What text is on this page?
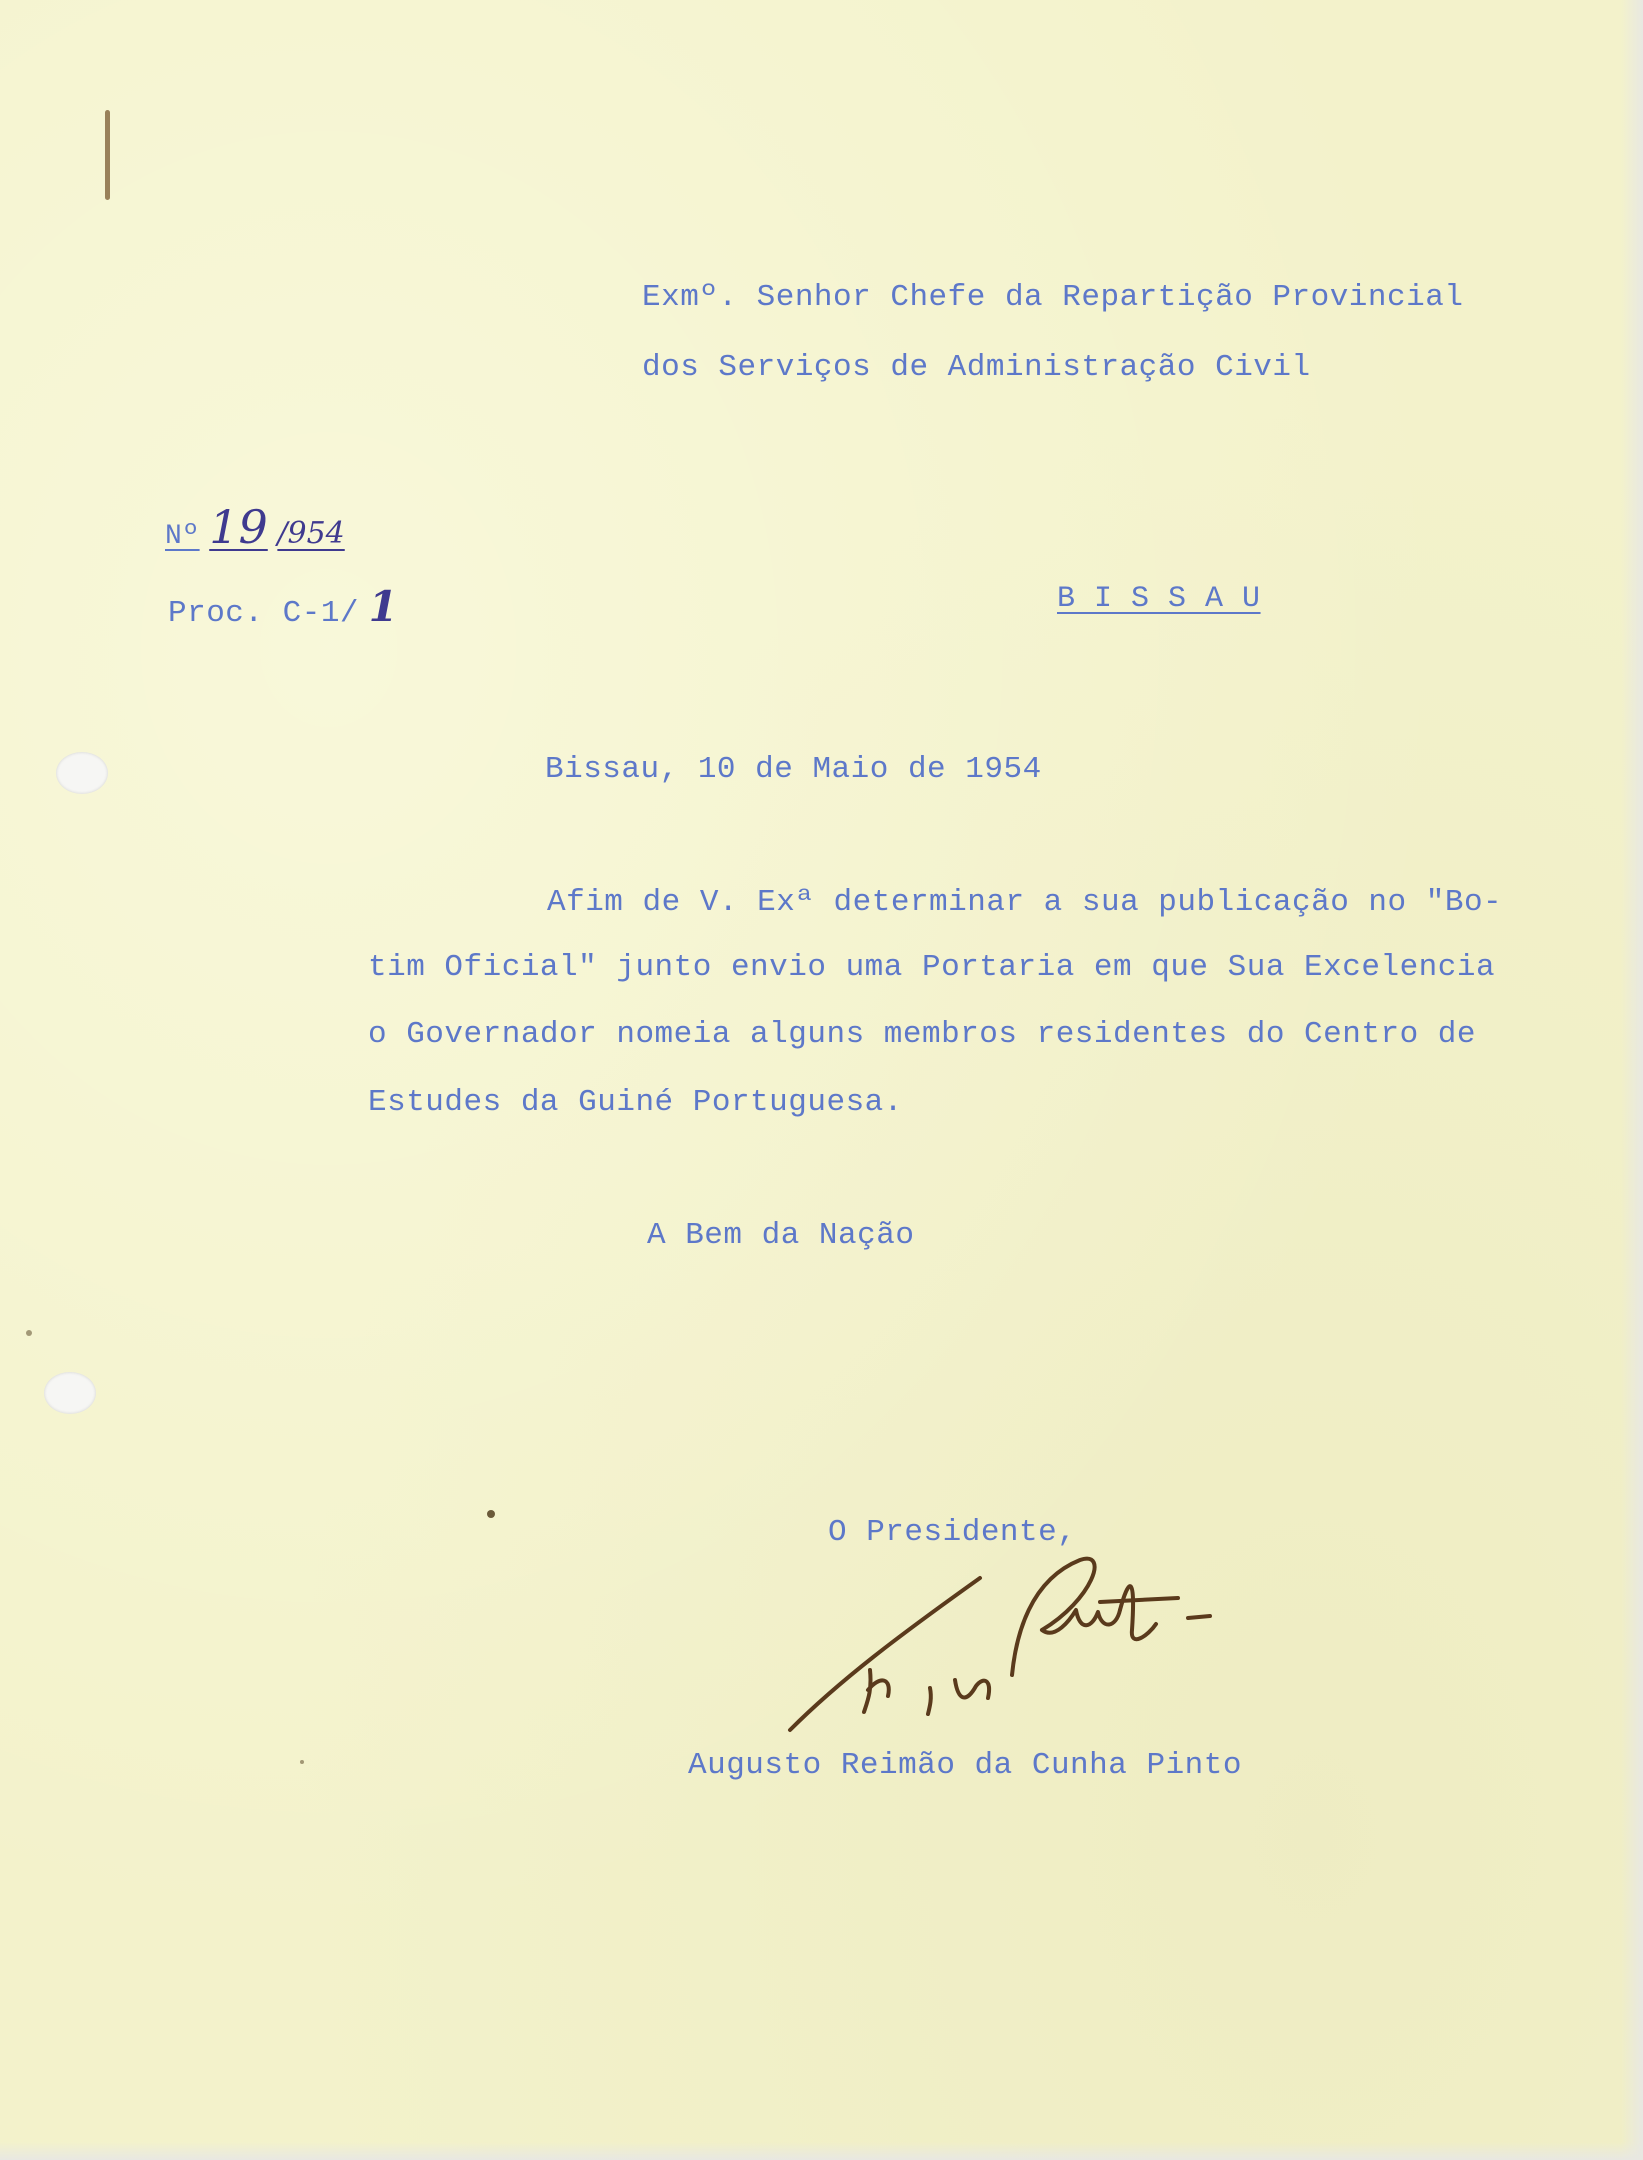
Exmº. Senhor Chefe da Repartição Provincial

dos Serviços de Administração Civil

Nº 19 /954
Proc. C-1/ 1	B I S S A U

Bissau, 10 de Maio de 1954

Afim de V. Exª determinar a sua publicação no "Bo-

tim Oficial" junto envio uma Portaria em que Sua Excelencia

o Governador nomeia alguns membros residentes do Centro de

Estudes da Guiné Portuguesa.

A Bem da Nação

O Presidente,

Augusto Reimão da Cunha Pinto
